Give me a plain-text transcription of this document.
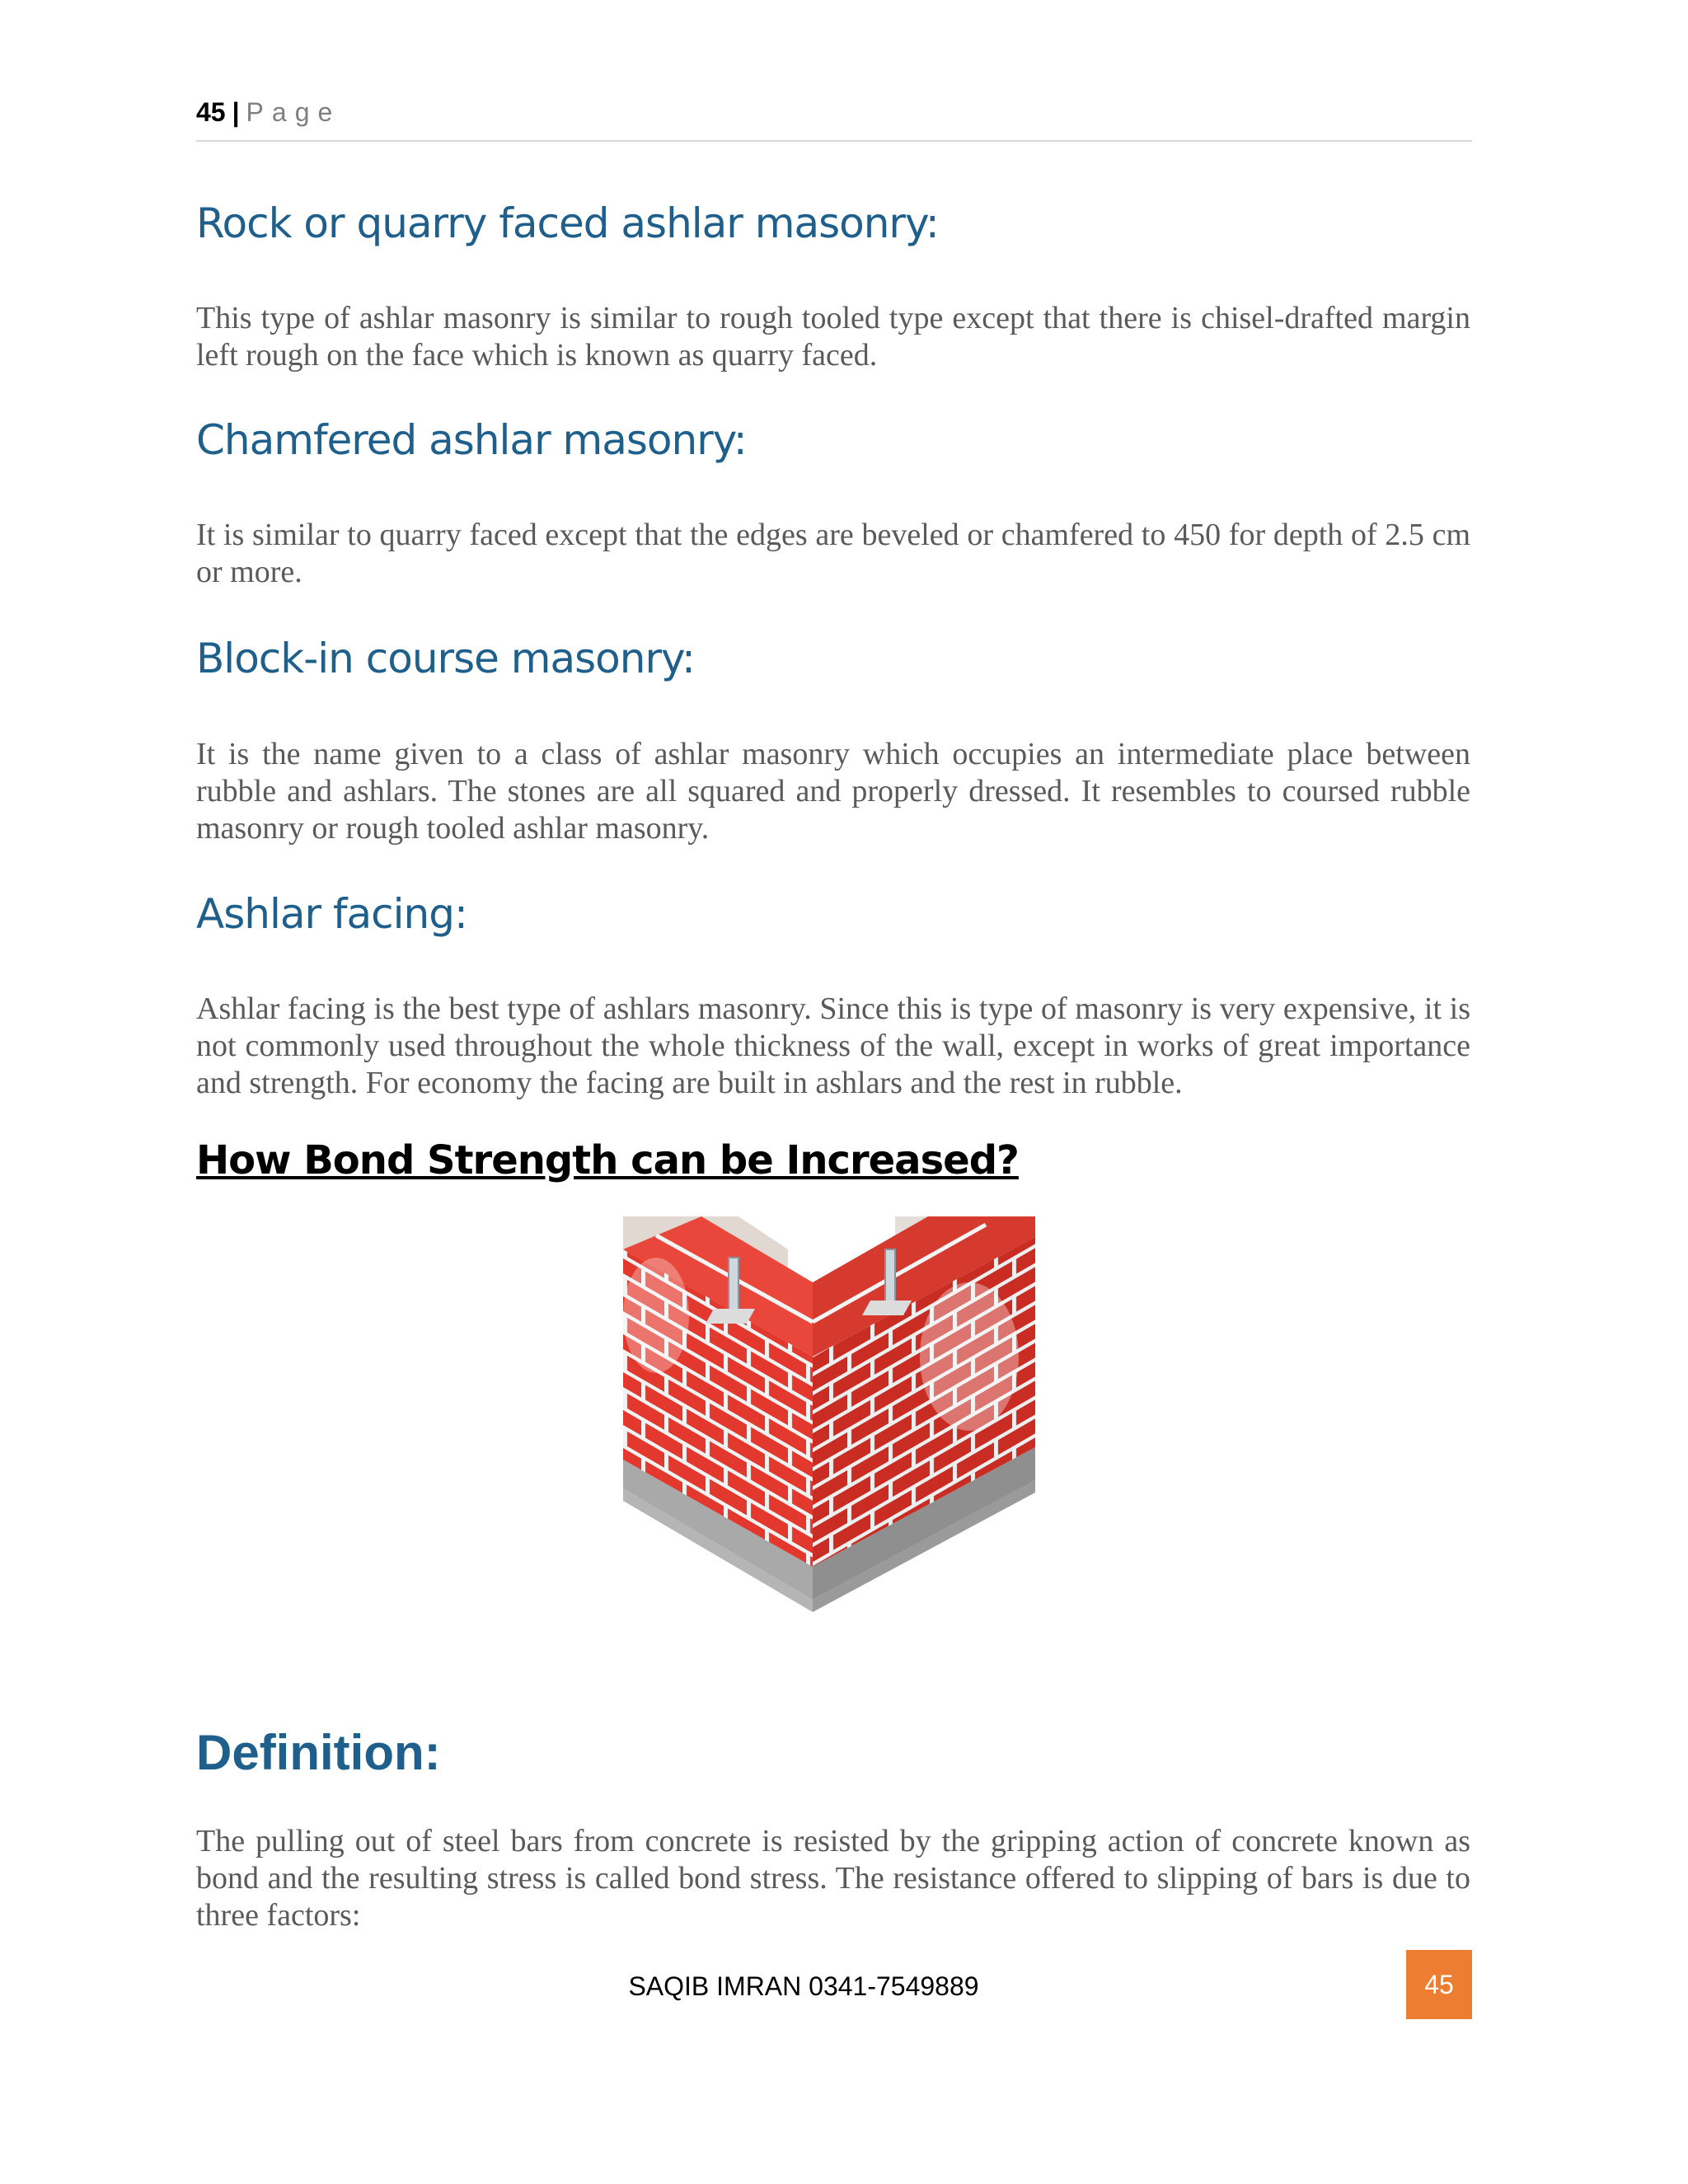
45 | Page
Rock or quarry faced ashlar masonry:

This type of ashlar masonry is similar to rough tooled type except that there is chisel-drafted margin left rough on the face which is known as quarry faced.

Chamfered ashlar masonry:

It is similar to quarry faced except that the edges are beveled or chamfered to 450 for depth of 2.5 cm or more.

Block-in course masonry:

It is the name given to a class of ashlar masonry which occupies an intermediate place between rubble and ashlars. The stones are all squared and properly dressed. It resembles to coursed rubble masonry or rough tooled ashlar masonry.

Ashlar facing:

Ashlar facing is the best type of ashlars masonry. Since this is type of masonry is very expensive, it is not commonly used throughout the whole thickness of the wall, except in works of great importance and strength. For economy the facing are built in ashlars and the rest in rubble.

How Bond Strength can be Increased?
Definition:

The pulling out of steel bars from concrete is resisted by the gripping action of concrete known as bond and the resulting stress is called bond stress. The resistance offered to slipping of bars is due to three factors:

SAQIB IMRAN 0341-7549889	45
